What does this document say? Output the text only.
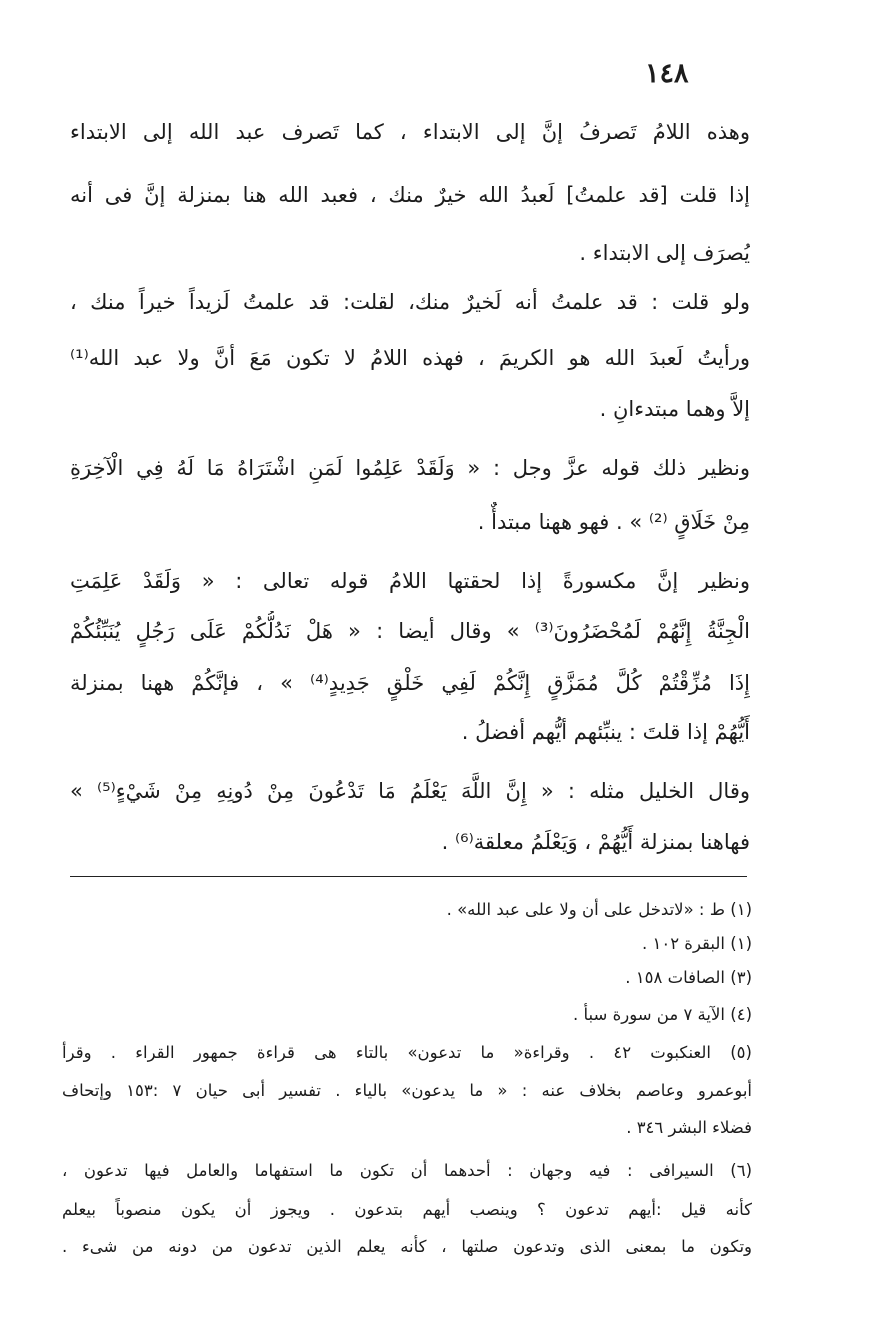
١٤٨
وهذه اللامُ تَصرفُ إنَّ إلى الابتداء ، كما تَصرف عبد الله إلى الابتداء
إذا قلت [قد علمتُ] لَعبدُ الله خيرٌ منك ، فعبد الله هنا بمنزلة إنَّ فى أنه
يُصرَف إلى الابتداء .
ولو قلت : قد علمتُ أنه لَخيرٌ منك، لقلت: قد علمتُ لَزيداً خيراً منك ،
ورأيتُ لَعبدَ الله هو الكريمَ ، فهذه اللامُ لا تكون مَعَ أنَّ ولا عبد الله⁽¹⁾
إلاَّ وهما مبتدءانِ .
ونظير ذلك قوله عزَّ وجل : « وَلَقَدْ عَلِمُوا لَمَنِ اشْتَرَاهُ مَا لَهُ فِي الْآخِرَةِ
مِنْ خَلَاقٍ ⁽²⁾ » . فهو ههنا مبتدأٌ .
ونظير إنَّ مكسورةً إذا لحقتها اللامُ قوله تعالى : « وَلَقَدْ عَلِمَتِ
الْجِنَّةُ إِنَّهُمْ لَمُحْضَرُونَ⁽³⁾ » وقال أيضا : « هَلْ نَدُلُّكُمْ عَلَى رَجُلٍ يُنَبِّئُكُمْ
إِذَا مُزِّقْتُمْ كُلَّ مُمَزَّقٍ إِنَّكُمْ لَفِي خَلْقٍ جَدِيدٍ⁽⁴⁾ » ، فإنَّكُمْ ههنا بمنزلة
أَيُّهُمْ إذا قلتَ : ينبِّئهم أيُّهم أفضلُ .
وقال الخليل مثله : « إِنَّ اللَّهَ يَعْلَمُ مَا تَدْعُونَ مِنْ دُونِهِ مِنْ شَيْءٍ⁽⁵⁾ »
فهاهنا بمنزلة أَيُّهُمْ ، وَيَعْلَمُ معلقة⁽⁶⁾ .
(١) ط : «لاتدخل على أن ولا على عبد الله» .
(١) البقرة ١٠٢ .
(٣) الصافات ١٥٨ .
(٤) الآية ٧ من سورة سبأ .
(٥) العنكبوت ٤٢ . وقراءة« ما تدعون» بالتاء هى قراءة جمهور القراء . وقرأ
أبوعمرو وعاصم بخلاف عنه : « ما يدعون» بالياء . تفسير أبى حيان ٧ :١٥٣ وإتحاف
فضلاء البشر ٣٤٦ .
(٦) السيرافى : فيه وجهان : أحدهما أن تكون ما استفهاما والعامل فيها تدعون ،
كأنه قيل :أيهم تدعون ؟ وينصب أيهم بتدعون . ويجوز أن يكون منصوباً بيعلم
وتكون ما بمعنى الذى وتدعون صلتها ، كأنه يعلم الذين تدعون من دونه من شىء .
